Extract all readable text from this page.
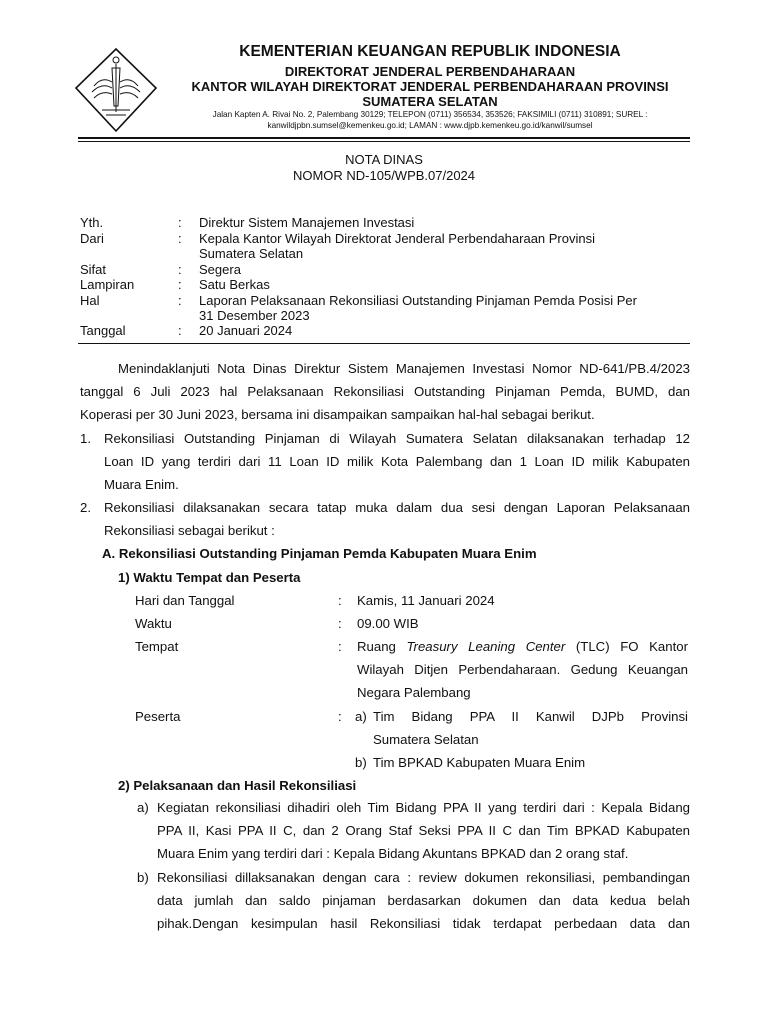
KEMENTERIAN KEUANGAN REPUBLIK INDONESIA
DIREKTORAT JENDERAL PERBENDAHARAAN
KANTOR WILAYAH DIREKTORAT JENDERAL PERBENDAHARAAN PROVINSI
SUMATERA SELATAN
Jalan Kapten A. Rivai No. 2, Palembang 30129; TELEPON (0711) 356534, 353526; FAKSIMILI (0711) 310891; SUREL :
kanwildjpbn.sumsel@kemenkeu.go.id; LAMAN : www.djpb.kemenkeu.go.id/kanwil/sumsel
NOTA DINAS
NOMOR ND-105/WPB.07/2024
Yth.	: Direktur Sistem Manajemen Investasi
Dari	: Kepala Kantor Wilayah Direktorat Jenderal Perbendaharaan Provinsi
Sumatera Selatan
Sifat	: Segera
Lampiran	: Satu Berkas
Hal	: Laporan Pelaksanaan Rekonsiliasi Outstanding Pinjaman Pemda Posisi Per
31 Desember 2023
Tanggal	: 20 Januari 2024
Menindaklanjuti Nota Dinas Direktur Sistem Manajemen Investasi Nomor ND-641/PB.4/2023
tanggal 6 Juli 2023 hal Pelaksanaan Rekonsiliasi Outstanding Pinjaman Pemda, BUMD, dan
Koperasi per 30 Juni 2023, bersama ini disampaikan sampaikan hal-hal sebagai berikut.
1. Rekonsiliasi Outstanding Pinjaman di Wilayah Sumatera Selatan dilaksanakan terhadap 12
Loan ID yang terdiri dari 11 Loan ID milik Kota Palembang dan 1 Loan ID milik Kabupaten
Muara Enim.
2. Rekonsiliasi dilaksanakan secara tatap muka dalam dua sesi dengan Laporan Pelaksanaan
Rekonsiliasi sebagai berikut :
A. Rekonsiliasi Outstanding Pinjaman Pemda Kabupaten Muara Enim
1) Waktu Tempat dan Peserta
Hari dan Tanggal	: Kamis, 11 Januari 2024
Waktu	: 09.00 WIB
Tempat	: Ruang Treasury Leaning Center (TLC) FO Kantor
Wilayah Ditjen Perbendaharaan. Gedung Keuangan
Negara Palembang
Peserta	: a) Tim Bidang PPA II Kanwil DJPb Provinsi
Sumatera Selatan
b) Tim BPKAD Kabupaten Muara Enim
2) Pelaksanaan dan Hasil Rekonsiliasi
a) Kegiatan rekonsiliasi dihadiri oleh Tim Bidang PPA II yang terdiri dari : Kepala Bidang
PPA II, Kasi PPA II C, dan 2 Orang Staf Seksi PPA II C dan Tim BPKAD Kabupaten
Muara Enim yang terdiri dari : Kepala Bidang Akuntans BPKAD dan 2 orang staf.
b) Rekonsiliasi dillaksanakan dengan cara : review dokumen rekonsiliasi, pembandingan
data jumlah dan saldo pinjaman berdasarkan dokumen dan data kedua belah
pihak.Dengan kesimpulan hasil Rekonsiliasi tidak terdapat perbedaan data dan
